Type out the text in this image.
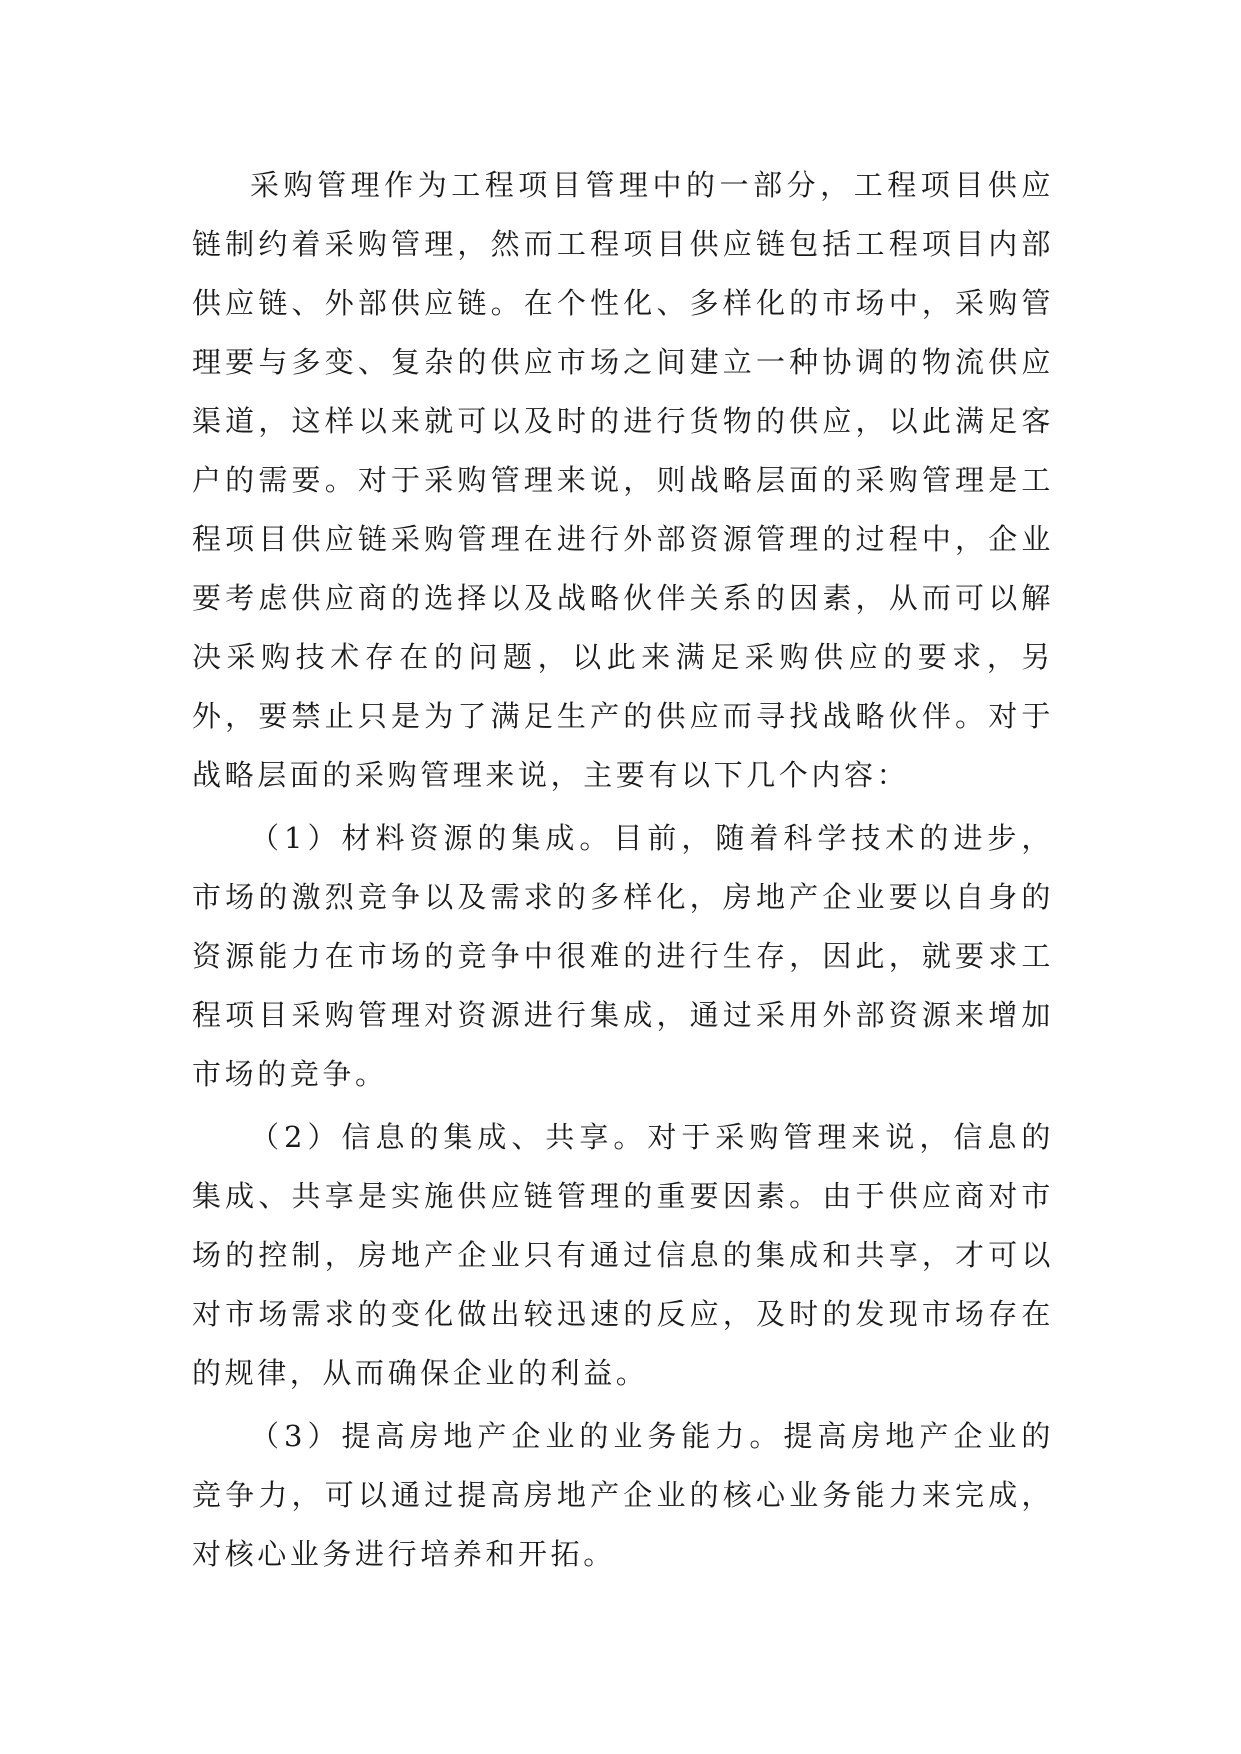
采购管理作为工程项目管理中的一部分，工程项目供应链制约着采购管理，然而工程项目供应链包括工程项目内部供应链、外部供应链。在个性化、多样化的市场中，采购管理要与多变、复杂的供应市场之间建立一种协调的物流供应渠道，这样以来就可以及时的进行货物的供应，以此满足客户的需要。对于采购管理来说，则战略层面的采购管理是工程项目供应链采购管理在进行外部资源管理的过程中，企业要考虑供应商的选择以及战略伙伴关系的因素，从而可以解决采购技术存在的问题，以此来满足采购供应的要求，另外，要禁止只是为了满足生产的供应而寻找战略伙伴。对于战略层面的采购管理来说，主要有以下几个内容：

（1）材料资源的集成。目前，随着科学技术的进步，市场的激烈竞争以及需求的多样化，房地产企业要以自身的资源能力在市场的竞争中很难的进行生存，因此，就要求工程项目采购管理对资源进行集成，通过采用外部资源来增加市场的竞争。

（2）信息的集成、共享。对于采购管理来说，信息的集成、共享是实施供应链管理的重要因素。由于供应商对市场的控制，房地产企业只有通过信息的集成和共享，才可以对市场需求的变化做出较迅速的反应，及时的发现市场存在的规律，从而确保企业的利益。

（3）提高房地产企业的业务能力。提高房地产企业的竞争力，可以通过提高房地产企业的核心业务能力来完成，对核心业务进行培养和开拓。
